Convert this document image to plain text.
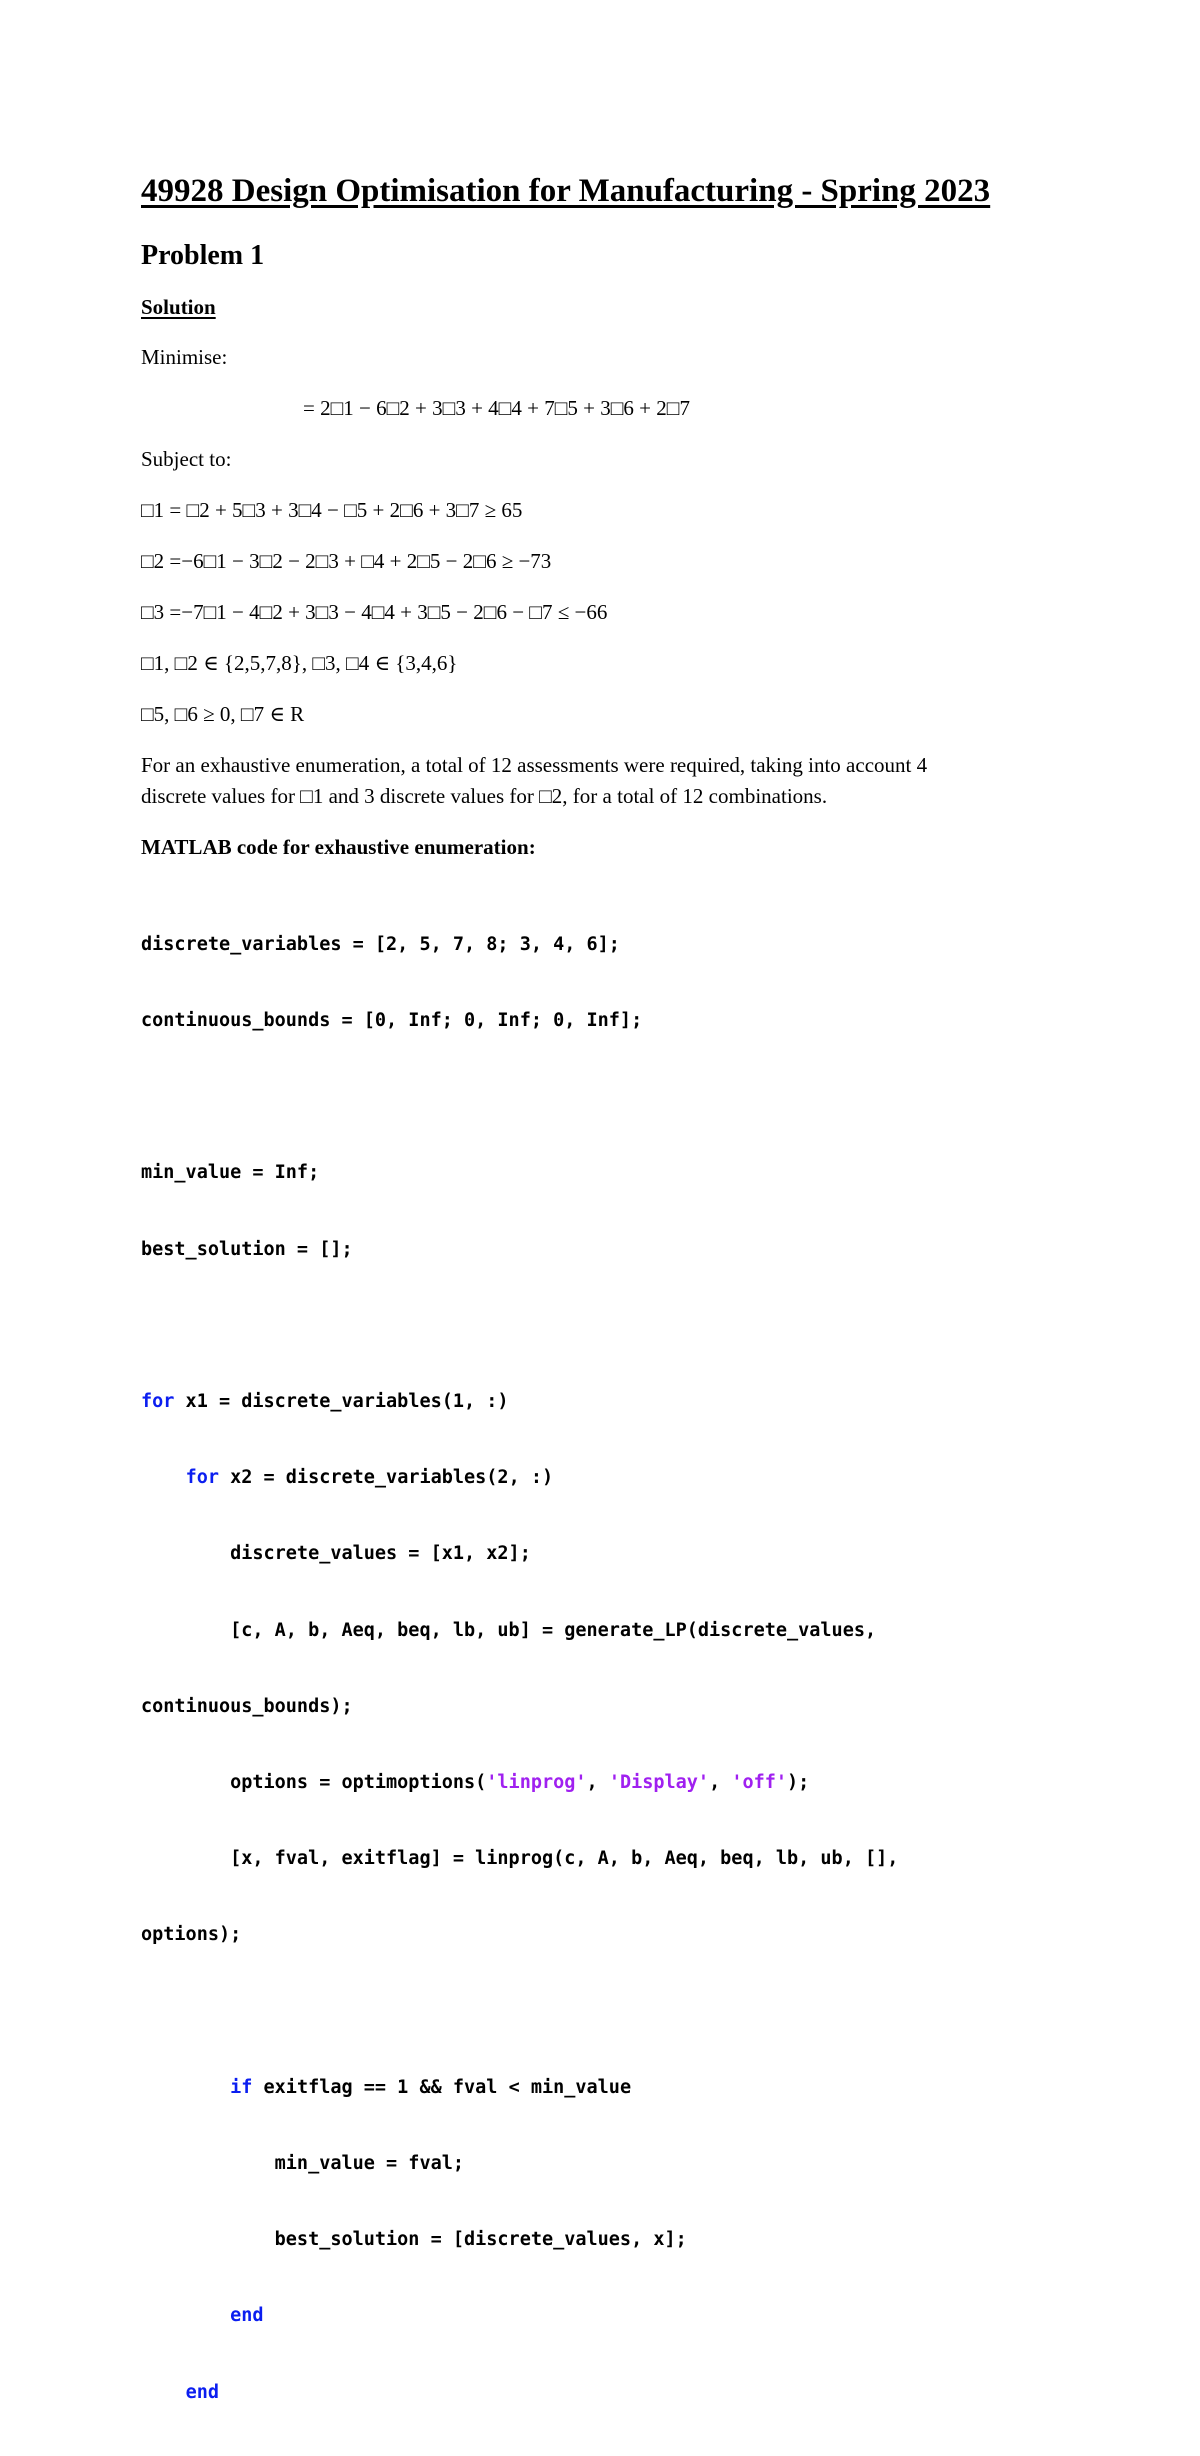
49928 Design Optimisation for Manufacturing - Spring 2023
Problem 1
Solution

Minimise:

= 2□1 − 6□2 + 3□3 + 4□4 + 7□5 + 3□6 + 2□7

Subject to:

□1 = □2 + 5□3 + 3□4 − □5 + 2□6 + 3□7 ≥ 65

□2 =−6□1 − 3□2 − 2□3 + □4 + 2□5 − 2□6 ≥ −73

□3 =−7□1 − 4□2 + 3□3 − 4□4 + 3□5 − 2□6 − □7 ≤ −66

□1, □2 ∈ {2,5,7,8}, □3, □4 ∈ {3,4,6}

□5, □6 ≥ 0, □7 ∈ R

For an exhaustive enumeration, a total of 12 assessments were required, taking into account 4

discrete values for □1 and 3 discrete values for □2, for a total of 12 combinations.

MATLAB code for exhaustive enumeration:

discrete_variables = [2, 5, 7, 8; 3, 4, 6];

continuous_bounds = [0, Inf; 0, Inf; 0, Inf];

min_value = Inf;

best_solution = [];

for x1 = discrete_variables(1, :)

for x2 = discrete_variables(2, :)

discrete_values = [x1, x2];

[c, A, b, Aeq, beq, lb, ub] = generate_LP(discrete_values,

continuous_bounds);

options = optimoptions('linprog', 'Display', 'off');

[x, fval, exitflag] = linprog(c, A, b, Aeq, beq, lb, ub, [],

options);

if exitflag == 1 && fval < min_value

min_value = fval;

best_solution = [discrete_values, x];

end

end
